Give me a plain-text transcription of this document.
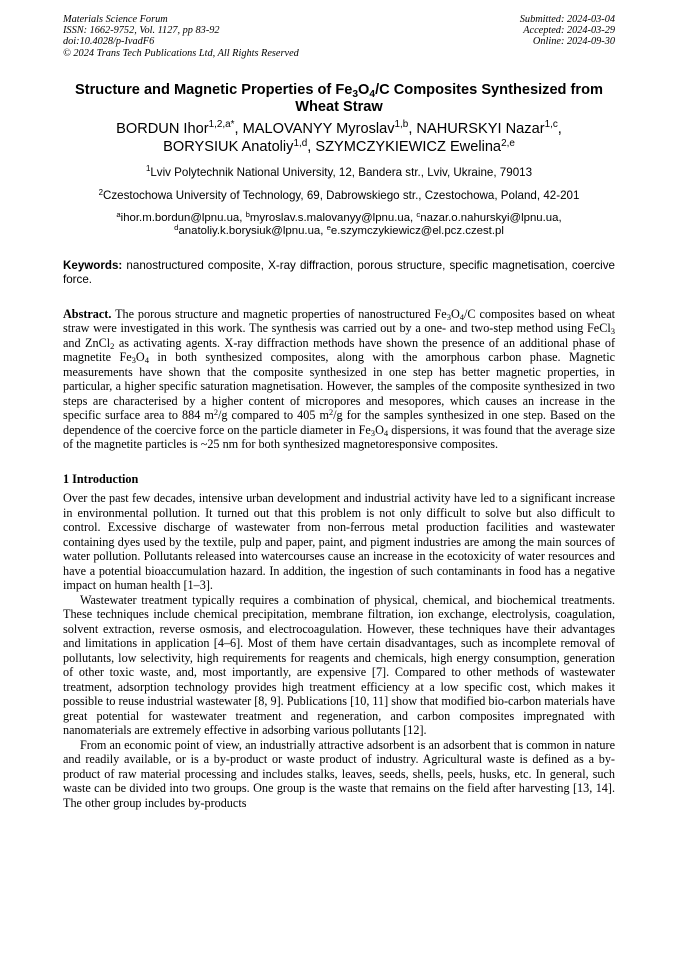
Materials Science Forum
ISSN: 1662-9752, Vol. 1127, pp 83-92
doi:10.4028/p-IvadF6
© 2024 Trans Tech Publications Ltd, All Rights Reserved
Submitted: 2024-03-04
Accepted: 2024-03-29
Online: 2024-09-30
Structure and Magnetic Properties of $Fe_3O_4/C$ Composites Synthesized from Wheat Straw
BORDUN Ihor$^{1,2,a*}$, MALOVANYY Myroslav$^{1,b}$, NAHURSKYI Nazar$^{1,c}$,
BORYSIUK Anatoliy$^{1,d}$, SZYMCZYKIEWICZ Ewelina$^{2,e}$
$^1$Lviv Polytechnik National University, 12, Bandera str., Lviv, Ukraine, 79013
$^2$Czestochowa University of Technology, 69, Dabrowskiego str., Czestochowa, Poland, 42-201
$^a$ihor.m.bordun@lpnu.ua, $^b$myroslav.s.malovanyy@lpnu.ua, $^c$nazar.o.nahurskyi@lpnu.ua,
$^d$anatoliy.k.borysiuk@lpnu.ua, $^e$e.szymczykiewicz@el.pcz.czest.pl
Keywords: nanostructured composite, X-ray diffraction, porous structure, specific magnetisation, coercive force.
Abstract. The porous structure and magnetic properties of nanostructured $Fe_3O_4/C$ composites based on wheat straw were investigated in this work. The synthesis was carried out by a one- and two-step method using FeCl$_3$ and ZnCl$_2$ as activating agents. X-ray diffraction methods have shown the presence of an additional phase of magnetite $Fe_3O_4$ in both synthesized composites, along with the amorphous carbon phase. Magnetic measurements have shown that the composite synthesized in one step has better magnetic properties, in particular, a higher specific saturation magnetisation. However, the samples of the composite synthesized in two steps are characterised by a higher content of micropores and mesopores, which causes an increase in the specific surface area to 884 $m^2/g$ compared to 405 $m^2/g$ for the samples synthesized in one step. Based on the dependence of the coercive force on the particle diameter in $Fe_3O_4$ dispersions, it was found that the average size of the magnetite particles is ~25 nm for both synthesized magnetoresponsive composites.
1 Introduction

Over the past few decades, intensive urban development and industrial activity have led to a significant increase in environmental pollution. It turned out that this problem is not only difficult to solve but also difficult to control. Excessive discharge of wastewater from non-ferrous metal production facilities and wastewater containing dyes used by the textile, pulp and paper, paint, and pigment industries are among the main sources of water pollution. Pollutants released into watercourses cause an increase in the ecotoxicity of water resources and have a potential bioaccumulation hazard. In addition, the ingestion of such contaminants in food has a negative impact on human health [1–3].

Wastewater treatment typically requires a combination of physical, chemical, and biochemical treatments. These techniques include chemical precipitation, membrane filtration, ion exchange, electrolysis, coagulation, solvent extraction, reverse osmosis, and electrocoagulation. However, these techniques have their advantages and limitations in application [4–6]. Most of them have certain disadvantages, such as incomplete removal of pollutants, low selectivity, high requirements for reagents and chemicals, high energy consumption, generation of other toxic waste, and, most importantly, are expensive [7]. Compared to other methods of wastewater treatment, adsorption technology provides high treatment efficiency at a low specific cost, which makes it possible to reuse industrial wastewater [8, 9]. Publications [10, 11] show that modified bio-carbon materials have great potential for wastewater treatment and regeneration, and carbon composites impregnated with nanomaterials are extremely effective in adsorbing various pollutants [12].

From an economic point of view, an industrially attractive adsorbent is an adsorbent that is common in nature and readily available, or is a by-product or waste product of industry. Agricultural waste is defined as a by-product of raw material processing and includes stalks, leaves, seeds, shells, peels, husks, etc. In general, such waste can be divided into two groups. One group is the waste that remains on the field after harvesting [13, 14]. The other group includes by-products
